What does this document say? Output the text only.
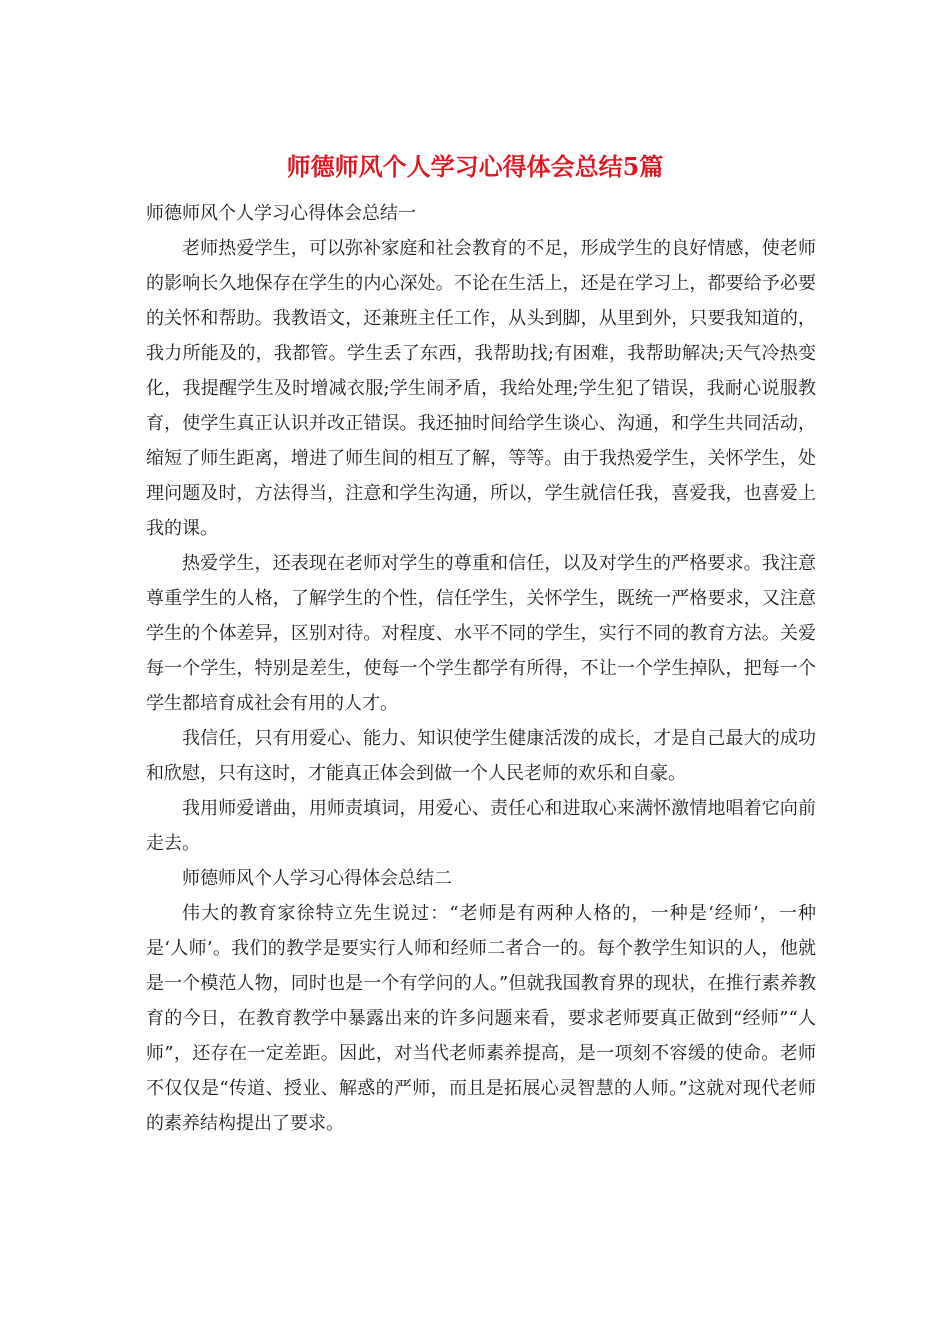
师德师风个人学习心得体会总结5篇

师德师风个人学习心得体会总结一

老师热爱学生，可以弥补家庭和社会教育的不足，形成学生的良好情感，使老师的影响长久地保存在学生的内心深处。不论在生活上，还是在学习上，都要给予必要的关怀和帮助。我教语文，还兼班主任工作，从头到脚，从里到外，只要我知道的，我力所能及的，我都管。学生丢了东西，我帮助找;有困难，我帮助解决;天气冷热变化，我提醒学生及时增减衣服;学生闹矛盾，我给处理;学生犯了错误，我耐心说服教育，使学生真正认识并改正错误。我还抽时间给学生谈心、沟通，和学生共同活动，缩短了师生距离，增进了师生间的相互了解，等等。由于我热爱学生，关怀学生，处理问题及时，方法得当，注意和学生沟通，所以，学生就信任我，喜爱我，也喜爱上我的课。

热爱学生，还表现在老师对学生的尊重和信任，以及对学生的严格要求。我注意尊重学生的人格，了解学生的个性，信任学生，关怀学生，既统一严格要求，又注意学生的个体差异，区别对待。对程度、水平不同的学生，实行不同的教育方法。关爱每一个学生，特别是差生，使每一个学生都学有所得，不让一个学生掉队，把每一个学生都培育成社会有用的人才。

我信任，只有用爱心、能力、知识使学生健康活泼的成长，才是自己最大的成功和欣慰，只有这时，才能真正体会到做一个人民老师的欢乐和自豪。

我用师爱谱曲，用师责填词，用爱心、责任心和进取心来满怀激情地唱着它向前走去。

师德师风个人学习心得体会总结二

伟大的教育家徐特立先生说过：“老师是有两种人格的，一种是‘经师’，一种是‘人师’。我们的教学是要实行人师和经师二者合一的。每个教学生知识的人，他就是一个模范人物，同时也是一个有学问的人。”但就我国教育界的现状，在推行素养教育的今日，在教育教学中暴露出来的许多问题来看，要求老师要真正做到“经师”“人师”，还存在一定差距。因此，对当代老师素养提高，是一项刻不容缓的使命。老师不仅仅是“传道、授业、解惑的严师，而且是拓展心灵智慧的人师。”这就对现代老师的素养结构提出了要求。
